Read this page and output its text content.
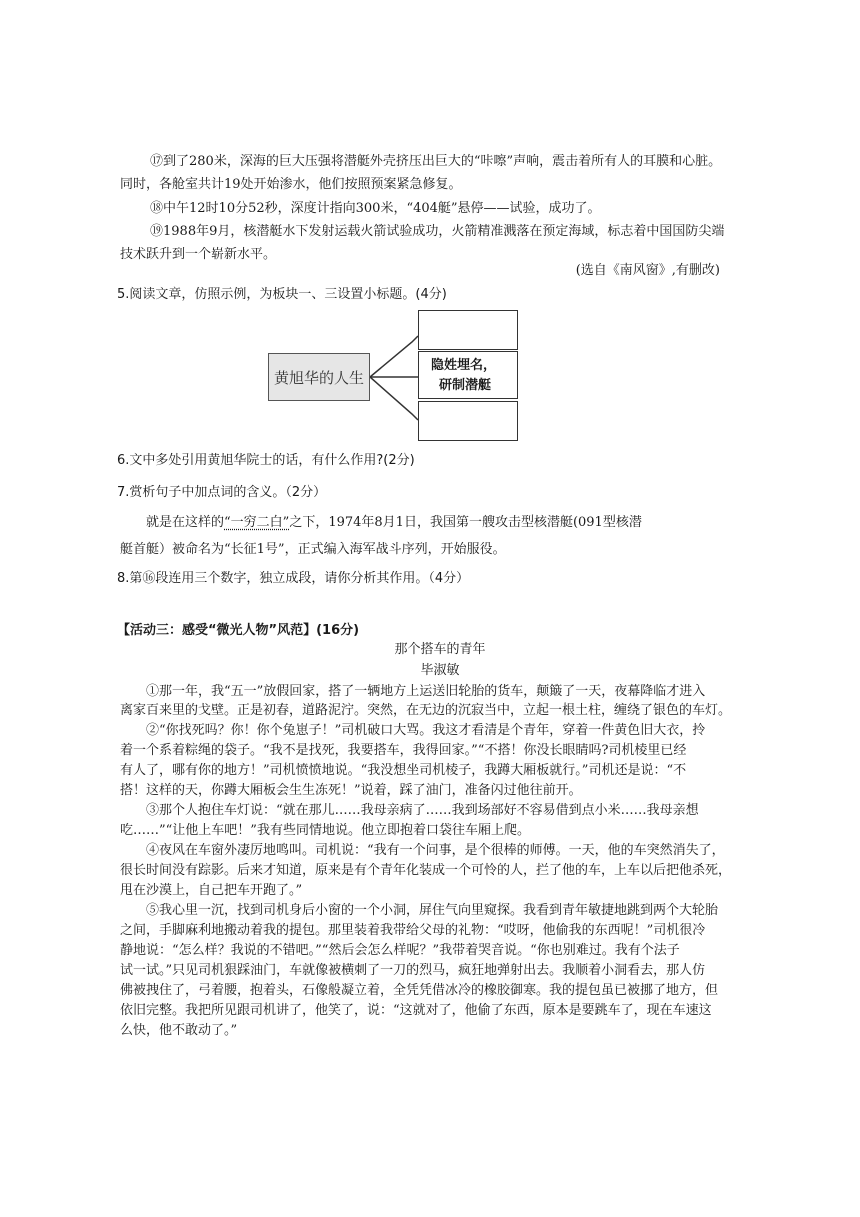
⑰到了280米，深海的巨大压强将潜艇外壳挤压出巨大的“咔嚓”声响，震击着所有人的耳膜和心脏。
同时，各舱室共计19处开始渗水，他们按照预案紧急修复。
⑱中午12时10分52秒，深度计指向300米，“404艇”悬停——试验，成功了。
⑲1988年9月，核潜艇水下发射运载火箭试验成功，火箭精准溅落在预定海域，标志着中国国防尖端
技术跃升到一个崭新水平。
(选自《南风窗》,有删改)
5.阅读文章，仿照示例，为板块一、三设置小标题。(4分)
黄旭华的人生
隐姓埋名，
研制潜艇
6.文中多处引用黄旭华院士的话，有什么作用?(2分)
7.赏析句子中加点词的含义。（2分）
就是在这样的“一穷二白”之下，1974年8月1日，我国第一艘攻击型核潜艇(091型核潜
艇首艇）被命名为“长征1号”，正式编入海军战斗序列，开始服役。
8.第⑯段连用三个数字，独立成段，请你分析其作用。（4分）
【活动三：感受“微光人物”风范】(16分)
那个搭车的青年
毕淑敏
①那一年，我“五一”放假回家，搭了一辆地方上运送旧轮胎的货车，颠簸了一天，夜幕降临才进入
离家百来里的戈壁。正是初春，道路泥泞。突然，在无边的沉寂当中，立起一根土柱，缠绕了银色的车灯。
②“你找死吗？你！你个兔崽子！”司机破口大骂。我这才看清是个青年，穿着一件黄色旧大衣，拎
着一个系着粽绳的袋子。“我不是找死，我要搭车，我得回家。”“不搭！你没长眼睛吗?司机棱里已经
有人了，哪有你的地方！”司机愤愤地说。“我没想坐司机棱子，我蹲大厢板就行。”司机还是说：“不
搭！这样的天，你蹲大厢板会生生冻死！”说着，踩了油门，准备闪过他往前开。
③那个人抱住车灯说：“就在那儿……我母亲病了……我到场部好不容易借到点小米……我母亲想
吃……”“让他上车吧！”我有些同情地说。他立即抱着口袋往车厢上爬。
④夜风在车窗外凄厉地鸣叫。司机说：“我有一个问事，是个很棒的师傅。一天，他的车突然消失了，
很长时间没有踪影。后来才知道，原来是有个青年化装成一个可怜的人，拦了他的车，上车以后把他杀死，
甩在沙漠上，自己把车开跑了。”
⑤我心里一沉，找到司机身后小窗的一个小洞，屏住气向里窥探。我看到青年敏捷地跳到两个大轮胎
之间，手脚麻利地搬动着我的提包。那里装着我带给父母的礼物：“哎呀，他偷我的东西呢！”司机很冷
静地说：“怎么样？我说的不错吧。”“然后会怎么样呢？”我带着哭音说。“你也别难过。我有个法子
试一试。”只见司机狠踩油门，车就像被横刺了一刀的烈马，疯狂地弹射出去。我顺着小洞看去，那人仿
佛被拽住了，弓着腰，抱着头，石像般凝立着，全凭凭借冰冷的橡胶御寒。我的提包虽已被挪了地方，但
依旧完整。我把所见跟司机讲了，他笑了，说：“这就对了，他偷了东西，原本是要跳车了，现在车速这
么快，他不敢动了。”
